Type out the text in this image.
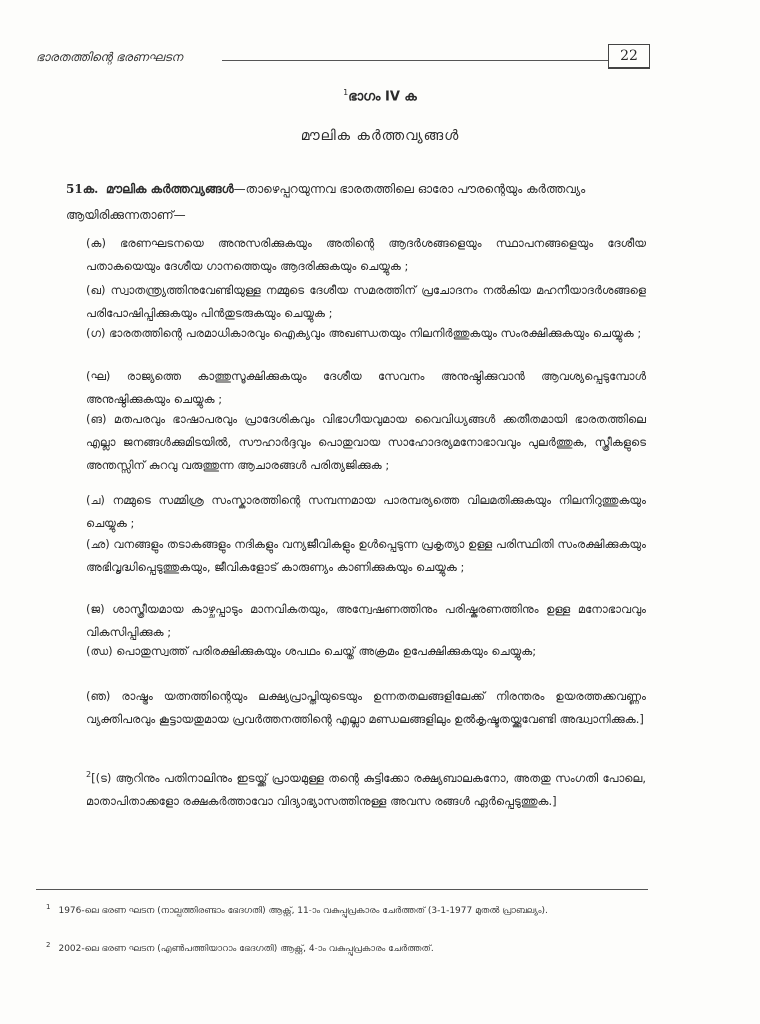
ഭാരതത്തിന്റെ ഭരണഘടന	22
$^1$ഭാഗം IV ക
മൗലിക കർത്തവ്യങ്ങൾ
51ക. മൗലിക കർത്തവ്യങ്ങൾ—താഴെപ്പറയുന്നവ ഭാരതത്തിലെ ഓരോ പൗരന്റെയും കർത്തവ്യം ആയിരിക്കുന്നതാണ്—
(ക) ഭരണഘടനയെ അനുസരിക്കുകയും അതിന്റെ ആദർശങ്ങളെയും സ്ഥാപനങ്ങളെയും ദേശീയ പതാകയെയും ദേശീയ ഗാനത്തെയും ആദരിക്കുകയും ചെയ്യുക ;
(ഖ) സ്വാതന്ത്ര്യത്തിനുവേണ്ടിയുള്ള നമ്മുടെ ദേശീയ സമരത്തിന് പ്രചോദനം നൽകിയ മഹനീയാദർശങ്ങളെ പരിപോഷിപ്പിക്കുകയും പിൻതുടരുകയും ചെയ്യുക ;
(ഗ) ഭാരതത്തിന്റെ പരമാധികാരവും ഐക്യവും അഖണ്ഡതയും നിലനിർത്തുകയും സംരക്ഷിക്കുകയും ചെയ്യുക ;
(ഘ) രാജ്യത്തെ കാത്തുസൂക്ഷിക്കുകയും ദേശീയ സേവനം അനുഷ്ഠിക്കുവാൻ ആവശ്യപ്പെടുമ്പോൾ അനുഷ്ഠിക്കുകയും ചെയ്യുക ;
(ങ) മതപരവും ഭാഷാപരവും പ്രാദേശികവും വിഭാഗീയവുമായ വൈവിധ്യങ്ങൾ ക്കതീതമായി ഭാരതത്തിലെ എല്ലാ ജനങ്ങൾക്കുമിടയിൽ, സൗഹാർദ്ദവും പൊതുവായ സാഹോദര്യമനോഭാവവും പുലർത്തുക, സ്ത്രീകളുടെ അന്തസ്സിന് കുറവു വരുത്തുന്ന ആചാരങ്ങൾ പരിത്യജിക്കുക ;
(ച) നമ്മുടെ സമ്മിശ്ര സംസ്കാരത്തിന്റെ സമ്പന്നമായ പാരമ്പര്യത്തെ വിലമതിക്കുകയും നിലനിറുത്തുകയും ചെയ്യുക ;
(ഛ) വനങ്ങളും തടാകങ്ങളും നദികളും വന്യജീവികളും ഉൾപ്പെടുന്ന പ്രകൃത്യാ ഉള്ള പരിസ്ഥിതി സംരക്ഷിക്കുകയും അഭിവൃദ്ധിപ്പെടുത്തുകയും, ജീവികളോട് കാരുണ്യം കാണിക്കുകയും ചെയ്യുക ;
(ജ) ശാസ്ത്രീയമായ കാഴ്ചപ്പാടും മാനവികതയും, അന്വേഷണത്തിനും പരിഷ്കരണത്തിനും ഉള്ള മനോഭാവവും വികസിപ്പിക്കുക ;
(ഝ) പൊതുസ്വത്ത് പരിരക്ഷിക്കുകയും ശപഥം ചെയ്ത് അക്രമം ഉപേക്ഷിക്കുകയും ചെയ്യുക;
(ഞ) രാഷ്ട്രം യത്നത്തിന്റെയും ലക്ഷ്യപ്രാപ്തിയുടെയും ഉന്നതതലങ്ങളിലേക്ക് നിരന്തരം ഉയരത്തക്കവണ്ണം വ്യക്തിപരവും കൂട്ടായതുമായ പ്രവർത്തനത്തിന്റെ എല്ലാ മണ്ഡലങ്ങളിലും ഉൽകൃഷ്ടതയ്ക്കുവേണ്ടി അദ്ധ്വാനിക്കുക.]
$^2$[(ട) ആറിനും പതിനാലിനും ഇടയ്ക്ക് പ്രായമുള്ള തന്റെ കുട്ടിക്കോ രക്ഷ്യബാലകനോ, അതതു സംഗതി പോലെ, മാതാപിതാക്കളോ രക്ഷകർത്താവോ വിദ്യാഭ്യാസത്തിനുള്ള അവസ രങ്ങൾ ഏർപ്പെടുത്തുക.]
$^1$ 1976-ലെ ഭരണ ഘടന (നാല്പത്തിരണ്ടാം ഭേദഗതി) ആക്റ്റ്, 11-ാം വകുപ്പുപ്രകാരം ചേർത്തത് (3-1-1977 മുതൽ പ്രാബല്യം).
$^2$ 2002-ലെ ഭരണ ഘടന (എൺപത്തിയാറാം ഭേദഗതി) ആക്റ്റ്, 4-ാം വകുപ്പുപ്രകാരം ചേർത്തത്.
